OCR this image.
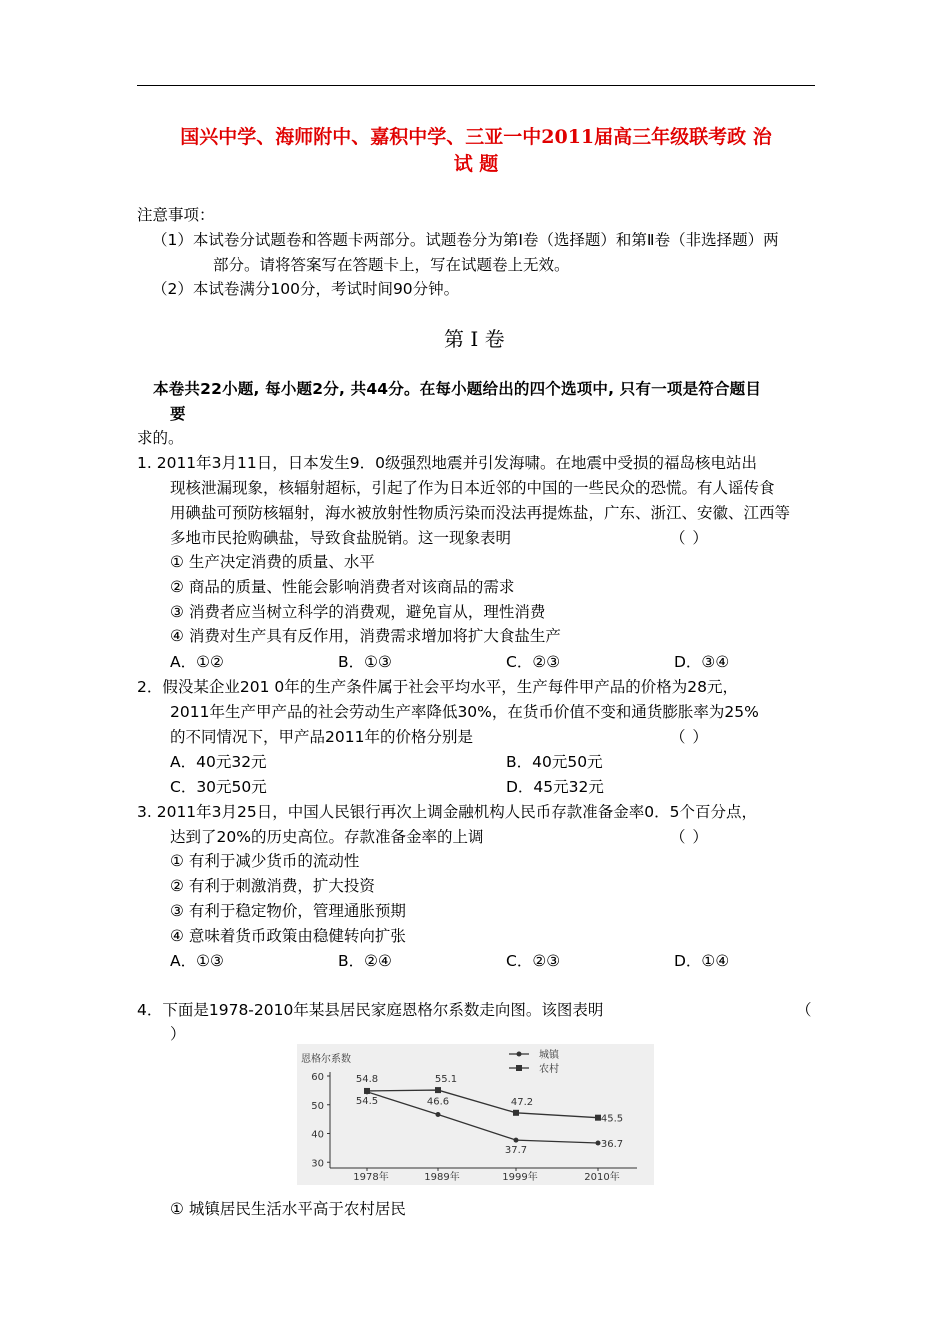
国兴中学、海师附中、嘉积中学、三亚一中2011届高三年级联考政 治
试 题
注意事项：
（1）本试卷分试题卷和答题卡两部分。试题卷分为第Ⅰ卷（选择题）和第Ⅱ卷（非选择题）两
部分。请将答案写在答题卡上，写在试题卷上无效。
（2）本试卷满分100分，考试时间90分钟。
第 I 卷
本卷共22小题, 每小题2分, 共44分。在每小题给出的四个选项中, 只有一项是符合题目
要
求的。
1. 2011年3月11日，日本发生9．0级强烈地震并引发海啸。在地震中受损的福岛核电站出
现核泄漏现象，核辐射超标，引起了作为日本近邻的中国的一些民众的恐慌。有人谣传食
用碘盐可预防核辐射，海水被放射性物质污染而没法再提炼盐，广东、浙江、安徽、江西等
多地市民抢购碘盐，导致食盐脱销。这一现象表明	（ ）
① 生产决定消费的质量、水平
② 商品的质量、性能会影响消费者对该商品的需求
③ 消费者应当树立科学的消费观，避免盲从，理性消费
④ 消费对生产具有反作用，消费需求增加将扩大食盐生产
A．①②	B．①③	C．②③	D．③④
2．假没某企业201 0年的生产条件属于社会平均水平，生产每件甲产品的价格为28元，
2011年生产甲产品的社会劳动生产率降低30%，在货币价值不变和通货膨胀率为25%
的不同情况下，甲产品2011年的价格分别是	（ ）
A．40元32元	B．40元50元
C．30元50元	D．45元32元
3. 2011年3月25日，中国人民银行再次上调金融机构人民币存款准备金率0．5个百分点，
达到了20%的历史高位。存款准备金率的上调	（ ）
① 有利于减少货币的流动性
② 有利于刺激消费，扩大投资
③ 有利于稳定物价，管理通胀预期
④ 意味着货币政策由稳健转向扩张
A．①③	B．②④	C．②③	D．①④
4．下面是1978-2010年某县居民家庭恩格尔系数走向图。该图表明	（
）
恩格尔系数
60
50
40
30
1978年	1989年	1999年	2010年
54.5	46.6
37.7
36.7
54.8	55.1
47.2
45.5
城镇
农村
① 城镇居民生活水平高于农村居民
